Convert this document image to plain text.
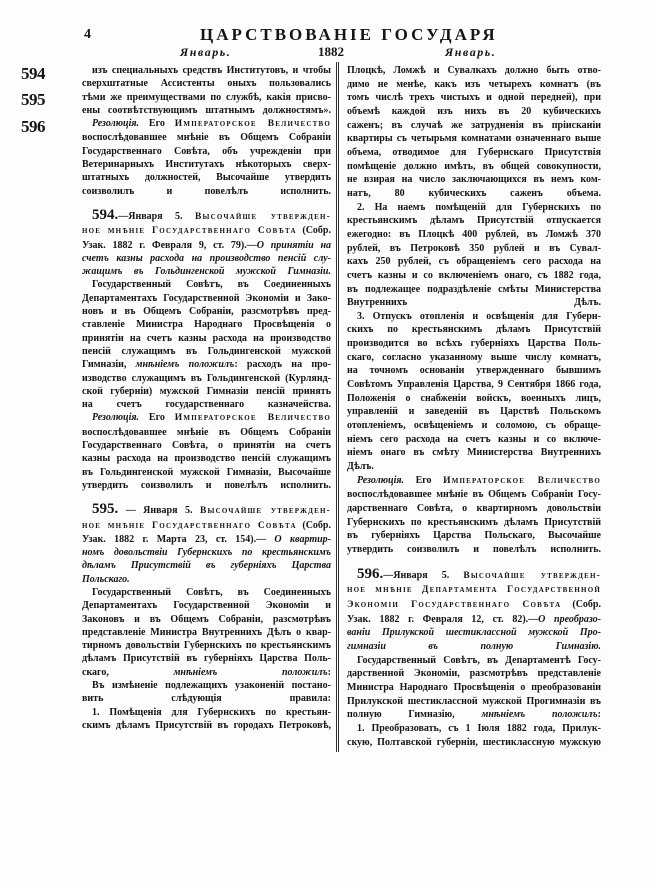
4	ЦАРСТВОВАНІЕ ГОСУДАРЯ
Январь.	1882	Январь.
594
595
596
изъ специальныхъ средствъ Институтовъ, и чтобы
сверхштатные Ассистенты оныхъ пользовались
тѣми же преимуществами по службѣ, какія присво-
ены соотвѣтствующимъ штатнымъ должностямъ».
Резолюція. Его Императорское Величество
воспослѣдовавшее мнѣніе въ Общемъ Собраніи
Государственнаго Совѣта, объ учрежденіи при
Ветеринарныхъ Институтахъ нѣкоторыхъ сверх-
штатныхъ должностей, Высочайше утвердить
соизволилъ и повелѣлъ исполнить.
594.—Января 5. Высочайше утвержден-
ное мнѣніе Государственнаго Совѣта (Собр.
Узак. 1882 г. Февраля 9, ст. 79).—О принятіи на
счетъ казны расхода на производство пенсій слу-
жащимъ въ Гольдингенской мужской Гимназіи.
Государственный Совѣтъ, въ Соединенныхъ
Департаментахъ Государственной Экономіи и Зако-
новъ и въ Общемъ Собраніи, разсмотрѣвъ пред-
ставленіе Министра Народнаго Просвѣщенія о
принятіи на счетъ казны расхода на производство
пенсій служащимъ въ Гольдингенской мужской
Гимназіи, мнѣніемъ положилъ: расходъ на про-
изводство служащимъ въ Гольдингенской (Курлянд-
ской губерніи) мужской Гимназіи пенсій принять
на счетъ государственнаго казначейства.
Резолюція. Его Императорское Величество
воспослѣдовавшее мнѣніе въ Общемъ Собраніи
Государственнаго Совѣта, о принятіи на счетъ
казны расхода на производство пенсій служащимъ
въ Гольдингенской мужской Гимназіи, Высочайше
утвердить соизволилъ и повелѣлъ исполнить.
595. — Января 5. Высочайше утвержден-
ное мнѣніе Государственнаго Совѣта (Собр.
Узак. 1882 г. Марта 23, ст. 154).— О квартир-
номъ довольствіи Губернскихъ по крестьянскимъ
дѣламъ Присутствій въ губерніяхъ Царства
Польскаго.
Государственный Совѣтъ, въ Соединенныхъ
Департаментахъ Государственной Экономіи и
Законовъ и въ Общемъ Собраніи, разсмотрѣвъ
представленіе Министра Внутреннихъ Дѣлъ о квар-
тирномъ довольствіи Губернскихъ по крестьянскимъ
дѣламъ Присутствій въ губерніяхъ Царства Поль-
скаго, мнѣніемъ положилъ:
Въ измѣненіе подлежащихъ узаконеній постано-
вить слѣдующія правила:
1. Помѣщенія для Губернскихъ по крестьян-
скимъ дѣламъ Присутствій въ городахъ Петроковѣ,
Плоцкѣ, Ломжѣ и Сувалкахъ должно быть отво-
димо не менѣе, какъ изъ четырехъ комнатъ (въ
томъ числѣ трехъ чистыхъ и одной передней), при
объемѣ каждой изъ нихъ въ 20 кубическихъ
саженъ; въ случаѣ же затрудненія въ пріисканіи
квартиры съ четырьмя комнатами означеннаго выше
объема, отводимое для Губернскаго Присутствія
помѣщеніе должно имѣть, въ общей совокупности,
не взирая на число заключающихся въ немъ ком-
натъ, 80 кубическихъ саженъ объема.
2. На наемъ помѣщеній для Губернскихъ по
крестьянскимъ дѣламъ Присутствій отпускается
ежегодно: въ Плоцкѣ 400 рублей, въ Ломжѣ 370
рублей, въ Петроковѣ 350 рублей и въ Сувал-
кахъ 250 рублей, съ обращеніемъ сего расхода на
счетъ казны и со включеніемъ онаго, съ 1882 года,
въ подлежащее подраздѣленіе смѣты Министерства
Внутреннихъ Дѣлъ.
3. Отпускъ отопленія и освѣщенія для Губерн-
скихъ по крестьянскимъ дѣламъ Присутствій
производится во всѣхъ губерніяхъ Царства Поль-
скаго, согласно указанному выше числу комнатъ,
на точномъ основаніи утвержденнаго бывшимъ
Совѣтомъ Управленія Царства, 9 Сентября 1866 года,
Положенія о снабженіи войскъ, военныхъ лицъ,
управленій и заведеній въ Царствѣ Польскомъ
отопленіемъ, освѣщеніемъ и соломою, съ обраще-
ніемъ сего расхода на счетъ казны и со включе-
ніемъ онаго въ смѣту Министерства Внутреннихъ
Дѣлъ.
Резолюція. Его Императорское Величество
воспослѣдовавшее мнѣніе въ Общемъ Собраніи Госу-
дарственнаго Совѣта, о квартирномъ довольствіи
Губернскихъ по крестьянскимъ дѣламъ Присутствій
въ губерніяхъ Царства Польскаго, Высочайше
утвердить соизволилъ и повелѣлъ исполнить.
596.—Января 5. Высочайше утвержден-
ное мнѣніе Департамента Государственной
Экономіи Государственнаго Совѣта (Собр.
Узак. 1882 г. Февраля 12, ст. 82).—О преобразо-
ваніи Прилукской шестиклассной мужской Про-
гимназіи въ полную Гимназію.
Государственный Совѣтъ, въ Департаментѣ Госу-
дарственной Экономіи, разсмотрѣвъ представленіе
Министра Народнаго Просвѣщенія о преобразованіи
Прилукской шестиклассной мужской Прогимназіи въ
полную Гимназію, мнѣніемъ положилъ:
1. Преобразовать, съ 1 Іюля 1882 года, Прилук-
скую, Полтавской губерніи, шестиклассную мужскую
